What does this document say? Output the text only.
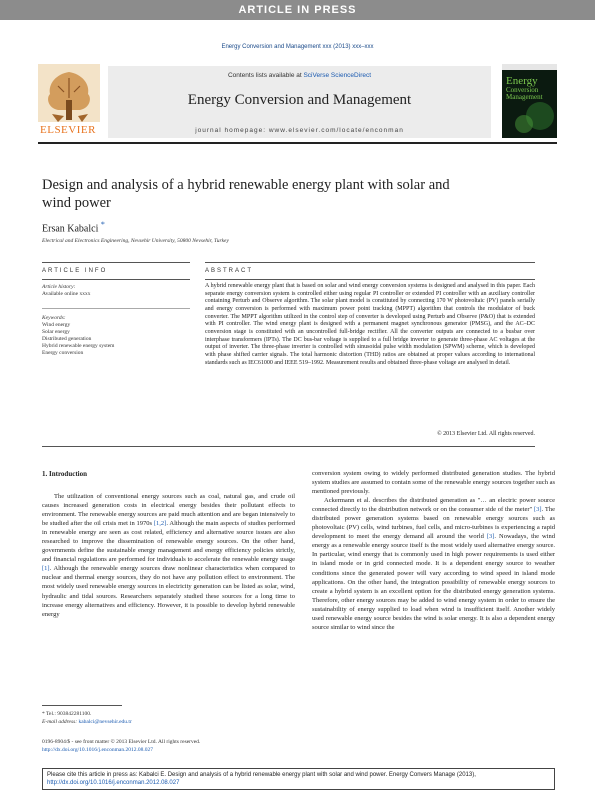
ARTICLE IN PRESS
Energy Conversion and Management xxx (2013) xxx–xxx
ELSEVIER
Contents lists available at SciVerse ScienceDirect
Energy Conversion and Management
journal homepage: www.elsevier.com/locate/enconman
Energy
Conversion
Management
Design and analysis of a hybrid renewable energy plant with solar and wind power
Ersan Kabalci *
Electrical and Electronics Engineering, Nevsehir University, 50800 Nevsehir, Turkey
ARTICLE INFO
Article history:
Available online xxxx
Keywords:
Wind energy
Solar energy
Distributed generation
Hybrid renewable energy system
Energy conversion
ABSTRACT
A hybrid renewable energy plant that is based on solar and wind energy conversion systems is designed and analysed in this paper. Each separate energy conversion system is controlled either using regular PI controller or extended PI controller with an auxiliary controller containing Perturb and Observe algorithm. The solar plant model is constituted by connecting 170 W photovoltaic (PV) panels serially and energy conversion is performed with maximum power point tracking (MPPT) algorithm that controls the modulator of buck converter. The MPPT algorithm utilized in the control step of converter is developed using Perturb and Observe (P&O) that is extended with PI controller. The wind energy plant is designed with a permanent magnet synchronous generator (PMSG), and the AC–DC conversion stage is constituted with an uncontrolled full-bridge rectifier. All the converter outputs are connected to a busbar over interphase transformers (IPTs). The DC bus-bar voltage is supplied to a full bridge inverter to generate three-phase AC voltages at the output of inverter. The three-phase inverter is controlled with sinusoidal pulse width modulation (SPWM) scheme, which is developed with phase shifted carrier signals. The total harmonic distortion (THD) ratios are obtained at proper values according to international standards such as IEC61000 and IEEE 519–1992. Measurement results and obtained three-phase voltage are analysed in detail.
© 2013 Elsevier Ltd. All rights reserved.
1. Introduction
The utilization of conventional energy sources such as coal, natural gas, and crude oil causes increased generation costs in electrical energy besides their pollutant effects to environment. The renewable energy sources are paid much attention and are began intensively to be studied after the oil crisis met in 1970s [1,2]. Although the main aspects of studies performed in renewable energy are seen as cost related, efficiency and alternative source issues are also researched to improve the dissemination of renewable energy sources. On the other hand, governments define the sustainable energy management and energy efficiency policies strictly, and financial regulations are performed for individuals to accelerate the renewable energy usage [1]. Although the renewable energy sources draw nonlinear characteristics when compared to nuclear and thermal energy sources, they do not have any pollution effect to environment. The most widely used renewable energy sources in electricity generation can be listed as solar, wind, hydraulic and tidal sources. Researchers separately studied these sources for a long time to increase energy alternatives and efficiency. However, it is possible to develop hybrid renewable energy

conversion system owing to widely performed distributed generation studies. The hybrid system studies are assumed to contain some of the renewable energy sources together such as mentioned previously.

Ackermann et al. describes the distributed generation as "… an electric power source connected directly to the distribution network or on the consumer side of the meter" [3]. The distributed power generation systems based on renewable energy sources such as photovoltaic (PV) cells, wind turbines, fuel cells, and micro-turbines is experiencing a rapid development to meet the energy demand all around the world [3]. Nowadays, the wind energy as a renewable energy source itself is the most widely used alternative energy source. In particular, wind energy that is commonly used in high power requirements is used either in island mode or in grid connected mode. It is a dependent energy source to weather conditions since the generated power will vary according to wind speed in island mode applications. On the other hand, the integration possibility of renewable energy sources to create a hybrid system is an excellent option for the distributed energy generation systems. Therefore, other energy sources may be added to wind energy system in order to ensure the sustainability of energy supplied to load when wind is insufficient itself. Another widely used renewable energy source besides the wind is solar energy. It is also a dependent energy source similar to wind since the

* Tel.: 903842281100.
E-mail address: kabalci@nevsehir.edu.tr
0196-8904/$ - see front matter © 2013 Elsevier Ltd. All rights reserved.
http://dx.doi.org/10.1016/j.enconman.2012.08.027
Please cite this article in press as: Kabalci E. Design and analysis of a hybrid renewable energy plant with solar and wind power. Energy Convers Manage (2013), http://dx.doi.org/10.1016/j.enconman.2012.08.027
